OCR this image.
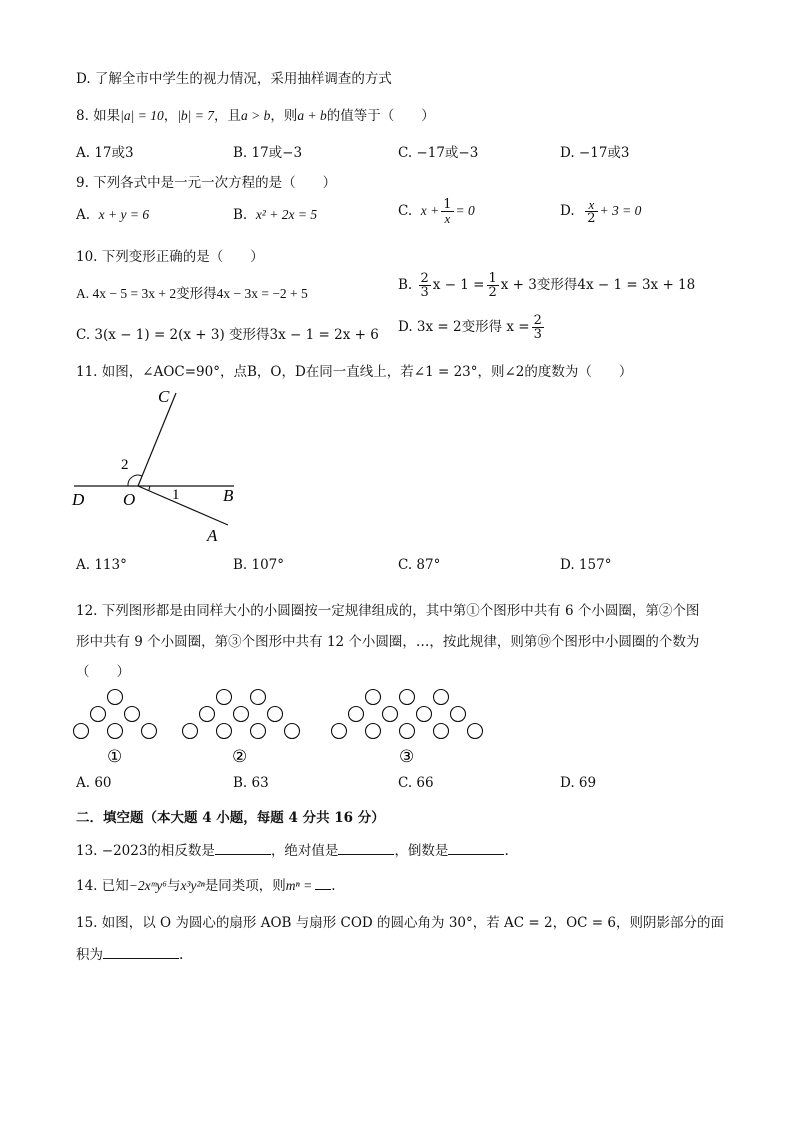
D. 了解全市中学生的视力情况，采用抽样调查的方式
8. 如果|a| = 10，|b| = 7，且a > b，则a + b的值等于（　　）
A. 17或3	B. 17或−3	C. −17或−3	D. −17或3
9. 下列各式中是一元一次方程的是（　　）
A. x + y = 6	B. x² + 2x = 5	C. $x + \frac{1}{x} = 0$	D. $\frac{x}{2} + 3 = 0$
10. 下列变形正确的是（　　）
A. 4x − 5 = 3x + 2变形得4x − 3x = −2 + 5
B. $\frac{2}{3}$ $x - 1 = \frac{1}{2}$ x + 3变形得4x − 1 = 3x + 18
C. 3(x − 1) = 2(x + 3) 变形得3x − 1 = 2x + 6 D. 3x = 2变形得 $x = \frac{2}{3}$
11. 如图，∠AOC=90°，点B，O，D在同一直线上，若∠1 = 23°，则∠2的度数为（　　）
C
D O	B
A
1
2
A. 113°	B. 107°	C. 87°	D. 157°
12. 下列图形都是由同样大小的小圆圈按一定规律组成的，其中第①个图形中共有 6 个小圆圈，第②个图
形中共有 9 个小圆圈，第③个图形中共有 12 个小圆圈，…，按此规律，则第⑲个图形中小圆圈的个数为
（　　）
①	②	③
A. 60	B. 63	C. 66	D. 69
二．填空题（本大题 4 小题，每题 4 分共 16 分）
13. −2023的相反数是	，绝对值是	，倒数是	.
14. 已知−2xᵐy⁶与x³y²ⁿ是同类项，则mⁿ = .
15. 如图，以 O 为圆心的扇形 AOB 与扇形 COD 的圆心角为 30°，若 AC = 2，OC = 6，则阴影部分的面
积为	.
